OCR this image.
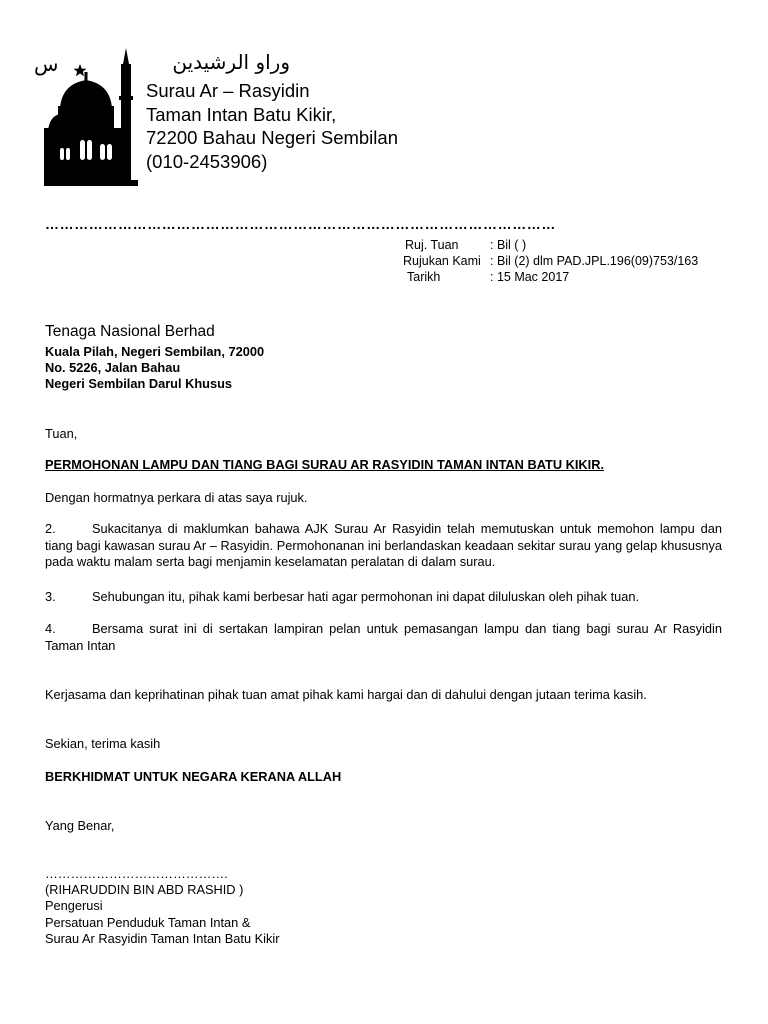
س	وراو الرشيدين
Surau Ar – Rasyidin
Taman Intan Batu Kikir,
72200 Bahau Negeri Sembilan
(010-2453906)
……………………………………………………………………………………………
Ruj. Tuan	: Bil ( )
Rujukan Kami : Bil (2) dlm PAD.JPL.196(09)753/163
Tarikh	: 15 Mac 2017
Tenaga Nasional Berhad
Kuala Pilah, Negeri Sembilan, 72000
No. 5226, Jalan Bahau
Negeri Sembilan Darul Khusus
Tuan,
PERMOHONAN LAMPU DAN TIANG BAGI SURAU AR RASYIDIN TAMAN INTAN BATU KIKIR.
Dengan hormatnya perkara di atas saya rujuk.
2.	Sukacitanya di maklumkan bahawa AJK Surau Ar Rasyidin telah memutuskan untuk memohon lampu dan tiang bagi kawasan surau Ar – Rasyidin. Permohonanan ini berlandaskan keadaan sekitar surau yang gelap khususnya pada waktu malam serta bagi menjamin keselamatan peralatan di dalam surau.
3.	Sehubungan itu, pihak kami berbesar hati agar permohonan ini dapat diluluskan oleh pihak tuan.
4.	Bersama surat ini di sertakan lampiran pelan untuk pemasangan lampu dan tiang bagi surau Ar Rasyidin Taman Intan
Kerjasama dan keprihatinan pihak tuan amat pihak kami hargai dan di dahului dengan jutaan terima kasih.
Sekian, terima kasih
BERKHIDMAT UNTUK NEGARA KERANA ALLAH
Yang Benar,
…………………………………….
(RIHARUDDIN BIN ABD RASHID )
Pengerusi
Persatuan Penduduk Taman Intan &
Surau Ar Rasyidin Taman Intan Batu Kikir
